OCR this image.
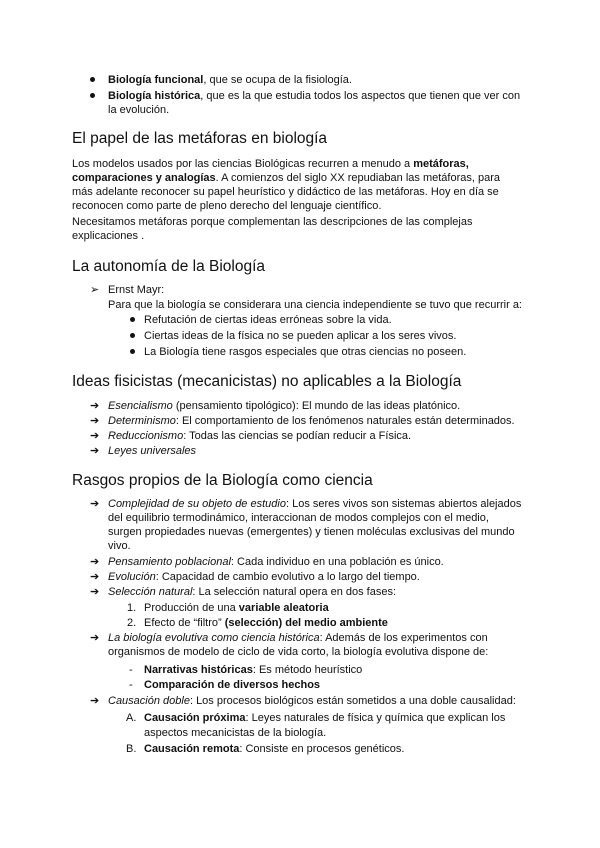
Biología funcional, que se ocupa de la fisiología.
Biología histórica, que es la que estudia todos los aspectos que tienen que ver con
la evolución.
El papel de las metáforas en biología
Los modelos usados por las ciencias Biológicas recurren a menudo a metáforas,
comparaciones y analogías. A comienzos del siglo XX repudiaban las metáforas, para
más adelante reconocer su papel heurístico y didáctico de las metáforas. Hoy en día se
reconocen como parte de pleno derecho del lenguaje científico.
Necesitamos metáforas porque complementan las descripciones de las complejas
explicaciones .
La autonomía de la Biología
➢ Ernst Mayr:
Para que la biología se considerara una ciencia independiente se tuvo que recurrir a:
Refutación de ciertas ideas erróneas sobre la vida.
Ciertas ideas de la física no se pueden aplicar a los seres vivos.
La Biología tiene rasgos especiales que otras ciencias no poseen.
Ideas fisicistas (mecanicistas) no aplicables a la Biología
➔ Esencialismo (pensamiento tipológico): El mundo de las ideas platónico.
➔ Determinismo: El comportamiento de los fenómenos naturales están determinados.
➔ Reduccionismo: Todas las ciencias se podían reducir a Física.
➔ Leyes universales
Rasgos propios de la Biología como ciencia
➔ Complejidad de su objeto de estudio: Los seres vivos son sistemas abiertos alejados
del equilibrio termodinámico, interaccionan de modos complejos con el medio,
surgen propiedades nuevas (emergentes) y tienen moléculas exclusivas del mundo
vivo.
➔ Pensamiento poblacional: Cada individuo en una población es único.
➔ Evolución: Capacidad de cambio evolutivo a lo largo del tiempo.
➔ Selección natural: La selección natural opera en dos fases:
1. Producción de una variable aleatoria
2. Efecto de “filtro” (selección) del medio ambiente
➔ La biología evolutiva como ciencia histórica: Además de los experimentos con
organismos de modelo de ciclo de vida corto, la biología evolutiva dispone de:
- Narrativas históricas: Es método heurístico
- Comparación de diversos hechos
➔ Causación doble: Los procesos biológicos están sometidos a una doble causalidad:
A. Causación próxima: Leyes naturales de física y química que explican los
aspectos mecanicistas de la biología.
B. Causación remota: Consiste en procesos genéticos.
